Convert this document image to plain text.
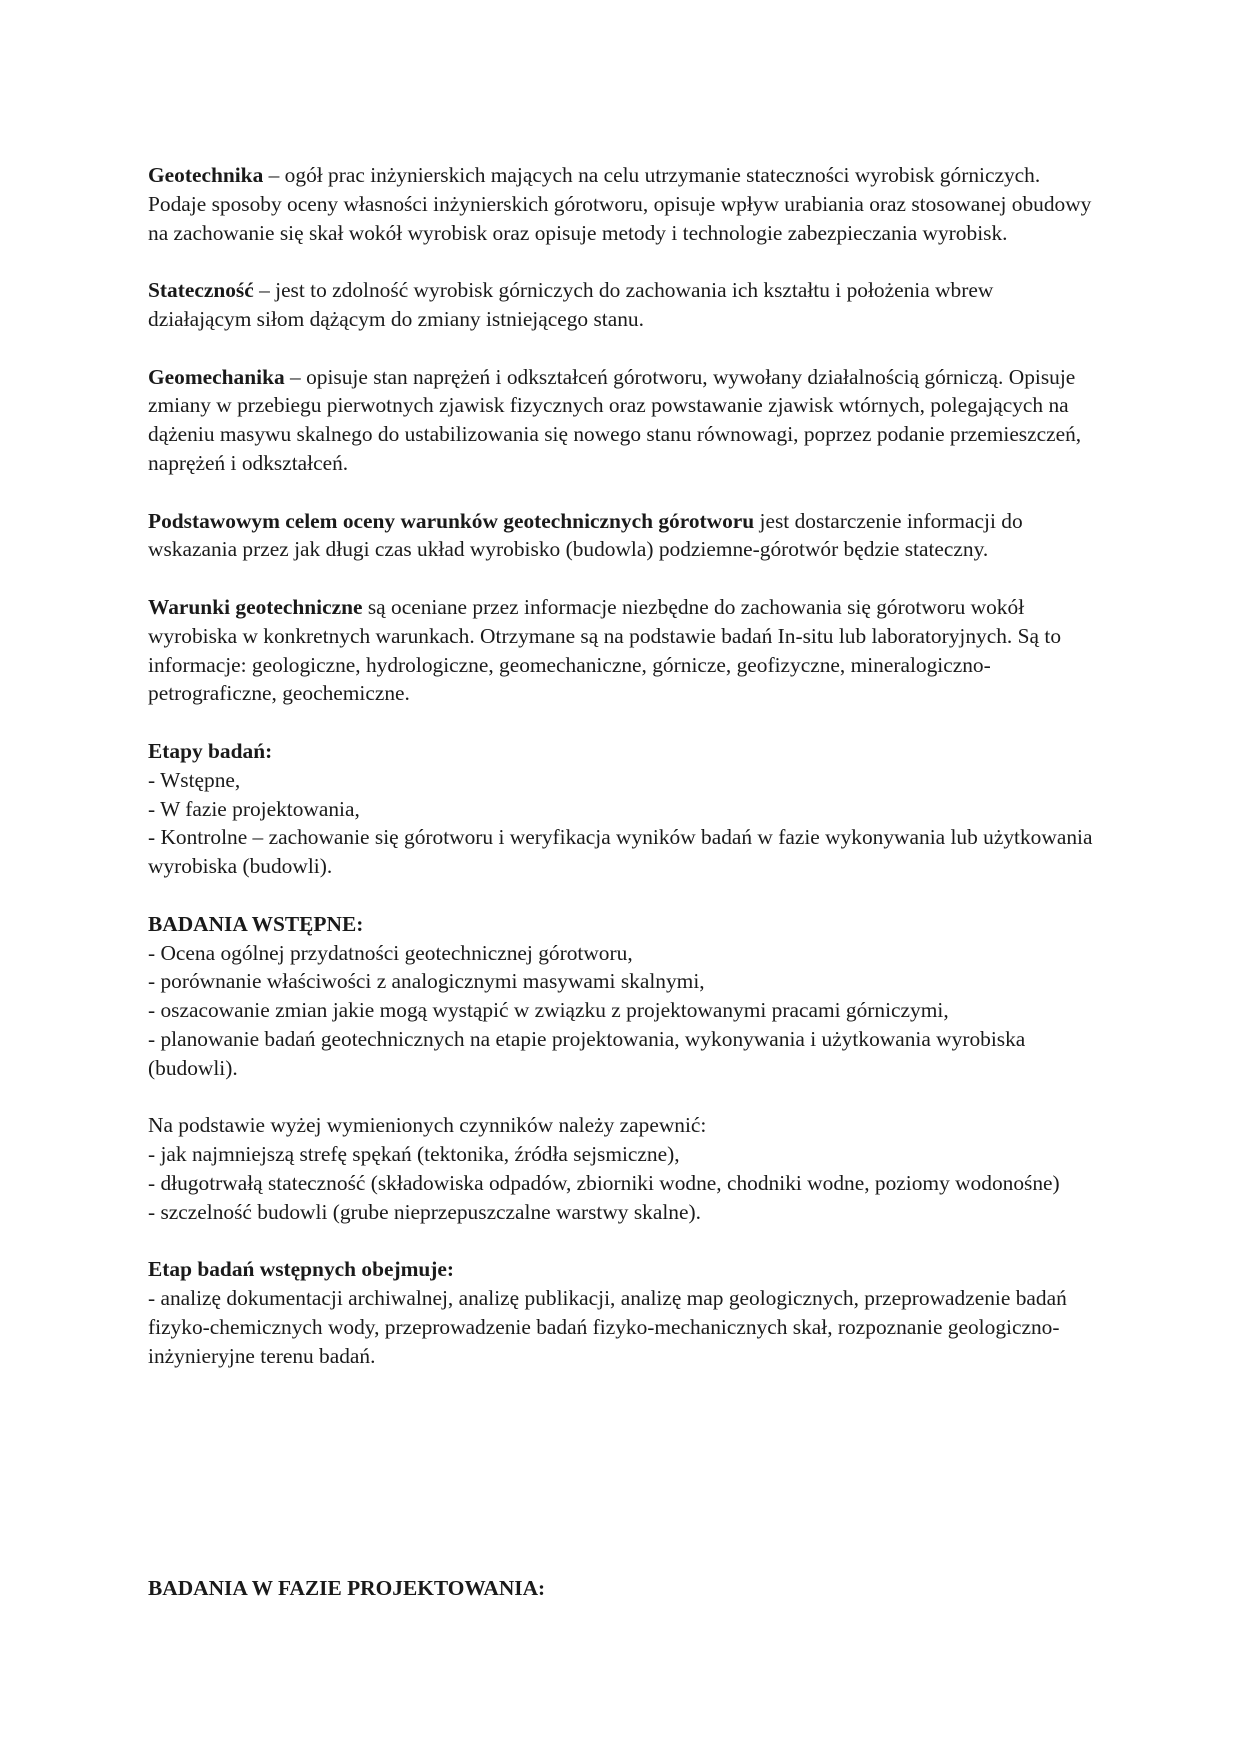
Geotechnika – ogół prac inżynierskich mających na celu utrzymanie stateczności wyrobisk górniczych. Podaje sposoby oceny własności inżynierskich górotworu, opisuje wpływ urabiania oraz stosowanej obudowy na zachowanie się skał wokół wyrobisk oraz opisuje metody i technologie zabezpieczania wyrobisk.

Stateczność – jest to zdolność wyrobisk górniczych do zachowania ich kształtu i położenia wbrew działającym siłom dążącym do zmiany istniejącego stanu.

Geomechanika – opisuje stan naprężeń i odkształceń górotworu, wywołany działalnością górniczą. Opisuje zmiany w przebiegu pierwotnych zjawisk fizycznych oraz powstawanie zjawisk wtórnych, polegających na dążeniu masywu skalnego do ustabilizowania się nowego stanu równowagi, poprzez podanie przemieszczeń, naprężeń i odkształceń.

Podstawowym celem oceny warunków geotechnicznych górotworu jest dostarczenie informacji do wskazania przez jak długi czas układ wyrobisko (budowla) podziemne-górotwór będzie stateczny.

Warunki geotechniczne są oceniane przez informacje niezbędne do zachowania się górotworu wokół wyrobiska w konkretnych warunkach. Otrzymane są na podstawie badań In-situ lub laboratoryjnych. Są to informacje: geologiczne, hydrologiczne, geomechaniczne, górnicze, geofizyczne, mineralogiczno-petrograficzne, geochemiczne.

Etapy badań:
- Wstępne,
- W fazie projektowania,
- Kontrolne – zachowanie się górotworu i weryfikacja wyników badań w fazie wykonywania lub użytkowania wyrobiska (budowli).

BADANIA WSTĘPNE:
- Ocena ogólnej przydatności geotechnicznej górotworu,
- porównanie właściwości z analogicznymi masywami skalnymi,
- oszacowanie zmian jakie mogą wystąpić w związku z projektowanymi pracami górniczymi,
- planowanie badań geotechnicznych na etapie projektowania, wykonywania i użytkowania wyrobiska (budowli).

Na podstawie wyżej wymienionych czynników należy zapewnić:
- jak najmniejszą strefę spękań (tektonika, źródła sejsmiczne),
- długotrwałą stateczność (składowiska odpadów, zbiorniki wodne, chodniki wodne, poziomy wodonośne)
- szczelność budowli (grube nieprzepuszczalne warstwy skalne).

Etap badań wstępnych obejmuje:
- analizę dokumentacji archiwalnej, analizę publikacji, analizę map geologicznych, przeprowadzenie badań fizyko-chemicznych wody, przeprowadzenie badań fizyko-mechanicznych skał, rozpoznanie geologiczno-inżynieryjne terenu badań.

BADANIA W FAZIE PROJEKTOWANIA:
